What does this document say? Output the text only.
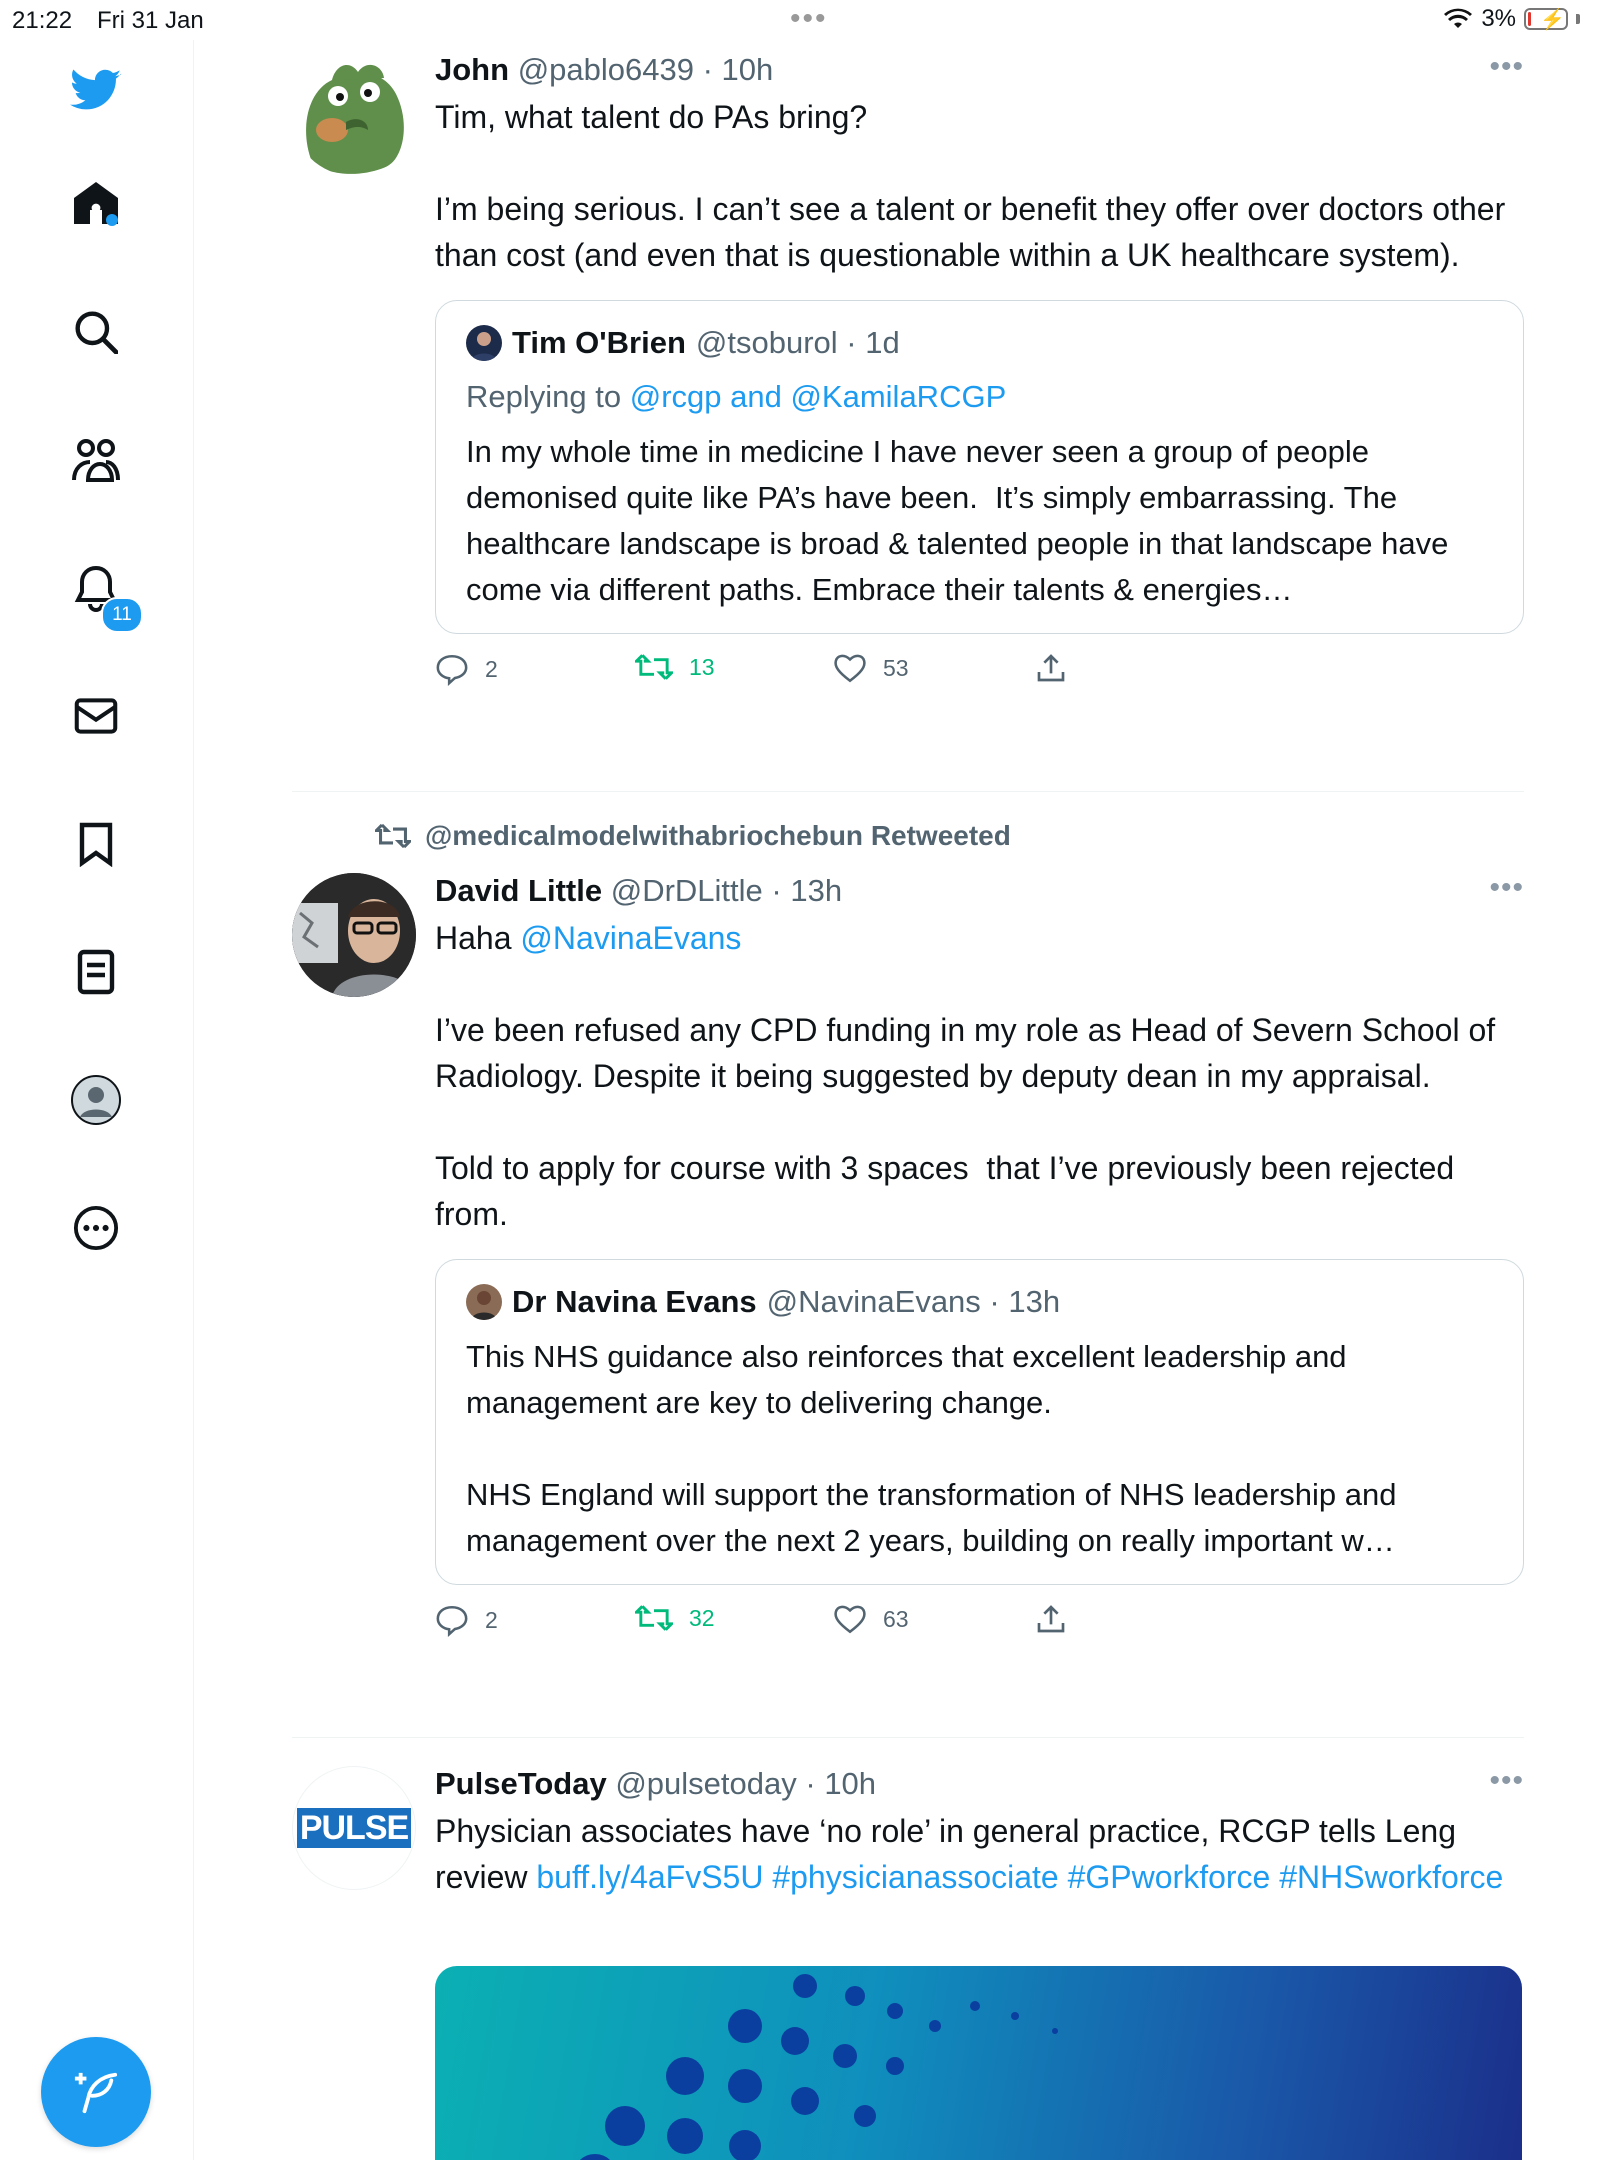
21:22 Fri 31 Jan	•••	3% ⚡
11
John @pablo6439 · 10h	•••
Tim, what talent do PAs bring?

I’m being serious. I can’t see a talent or benefit they offer over doctors other than cost (and even that is questionable within a UK healthcare system).
Tim O'Brien @tsoburol · 1d
Replying to @rcgp and @KamilaRCGP
In my whole time in medicine I have never seen a group of people demonised quite like PA’s have been.  It’s simply embarrassing. The healthcare landscape is broad & talented people in that landscape have come via different paths. Embrace their talents & energies…
2	13	53
@medicalmodelwithabriochebun Retweeted
David Little @DrDLittle · 13h	•••
Haha @NavinaEvans
I’ve been refused any CPD funding in my role as Head of Severn School of Radiology. Despite it being suggested by deputy dean in my appraisal.

Told to apply for course with 3 spaces  that I’ve previously been rejected from.
Dr Navina Evans @NavinaEvans · 13h
This NHS guidance also reinforces that excellent leadership and management are key to delivering change.

NHS England will support the transformation of NHS leadership and management over the next 2 years, building on really important w…
2	32	63
PULSE
PulseToday @pulsetoday · 10h	•••
Physician associates have ‘no role’ in general practice, RCGP tells Leng review buff.ly/4aFvS5U #physicianassociate #GPworkforce #NHSworkforce
